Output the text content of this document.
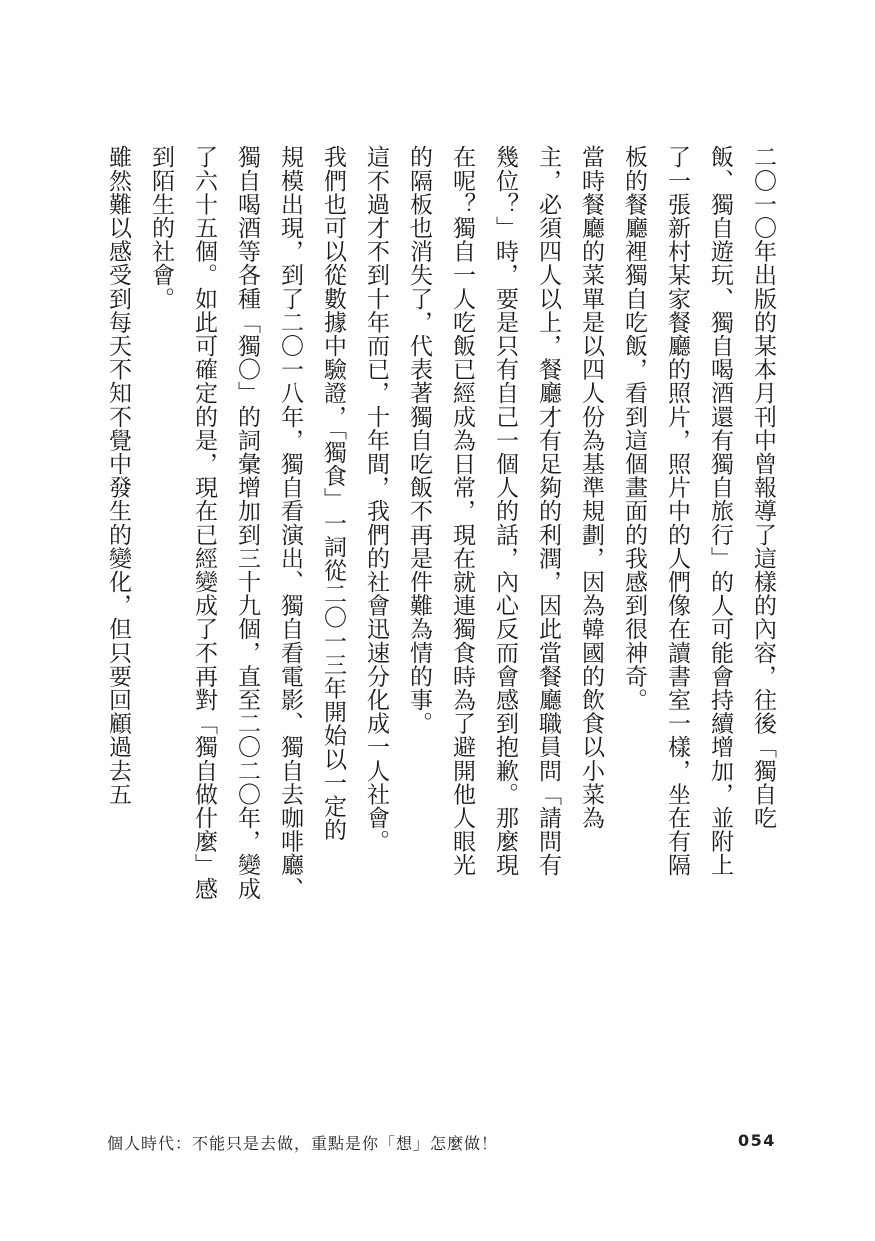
二〇一〇年出版的某本月刊中曾報導了這樣的內容，往後「獨自吃
飯、獨自遊玩、獨自喝酒還有獨自旅行」的人可能會持續增加，並附上
了一張新村某家餐廳的照片，照片中的人們像在讀書室一樣，坐在有隔
板的餐廳裡獨自吃飯，看到這個畫面的我感到很神奇。
當時餐廳的菜單是以四人份為基準規劃，因為韓國的飲食以小菜為
主，必須四人以上，餐廳才有足夠的利潤，因此當餐廳職員問「請問有
幾位？」時，要是只有自己一個人的話，內心反而會感到抱歉。那麼現
在呢？獨自一人吃飯已經成為日常，現在就連獨食時為了避開他人眼光
的隔板也消失了，代表著獨自吃飯不再是件難為情的事。
這不過才不到十年而已，十年間，我們的社會迅速分化成一人社會。
我們也可以從數據中驗證，「獨食」一詞從二〇一三年開始以一定的
規模出現，到了二〇一八年，獨自看演出、獨自看電影、獨自去咖啡廳、
獨自喝酒等各種「獨〇」的詞彙增加到三十九個，直至二〇二〇年，變成
了六十五個。如此可確定的是，現在已經變成了不再對「獨自做什麼」感
到陌生的社會。
雖然難以感受到每天不知不覺中發生的變化，但只要回顧過去五
個人時代：不能只是去做，重點是你「想」怎麼做！	054
